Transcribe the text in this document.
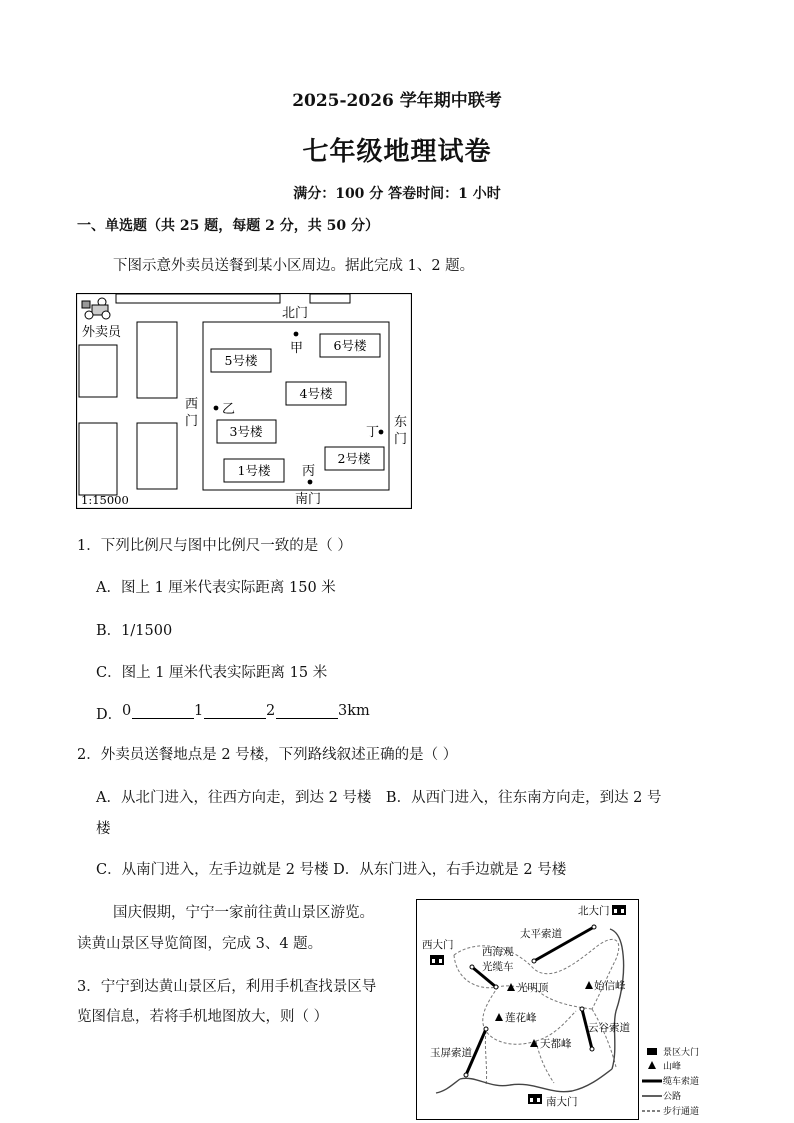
2025-2026 学年期中联考
七年级地理试卷
满分：100 分 答卷时间：1 小时
一、单选题（共 25 题，每题 2 分，共 50 分）
下图示意外卖员送餐到某小区周边。据此完成 1、2 题。
外卖员
北门
甲
5号楼
6号楼
4号楼
3号楼
2号楼
1号楼
西
门
乙
丁
东
门
丙
南门
1:15000
1．下列比例尺与图中比例尺一致的是（ ）
A．图上 1 厘米代表实际距离 150 米
B．1/1500
C．图上 1 厘米代表实际距离 15 米
D． 0	1	2	3km
2．外卖员送餐地点是 2 号楼，下列路线叙述正确的是（ ）
A．从北门进入，往西方向走，到达 2 号楼　B．从西门进入，往东南方向走，到达 2 号
楼
C．从南门进入，左手边就是 2 号楼 D．从东门进入，右手边就是 2 号楼
国庆假期，宁宁一家前往黄山景区游览。
读黄山景区导览简图，完成 3、4 题。
3．宁宁到达黄山景区后，利用手机查找景区导
览图信息，若将手机地图放大，则（ ）
北大门
西大门
南大门
太平索道
西海观
光缆车
光明顶	始信峰
莲花峰
云谷索道
天都峰
玉屏索道	景区大门
山峰
缆车索道
公路
步行通道
